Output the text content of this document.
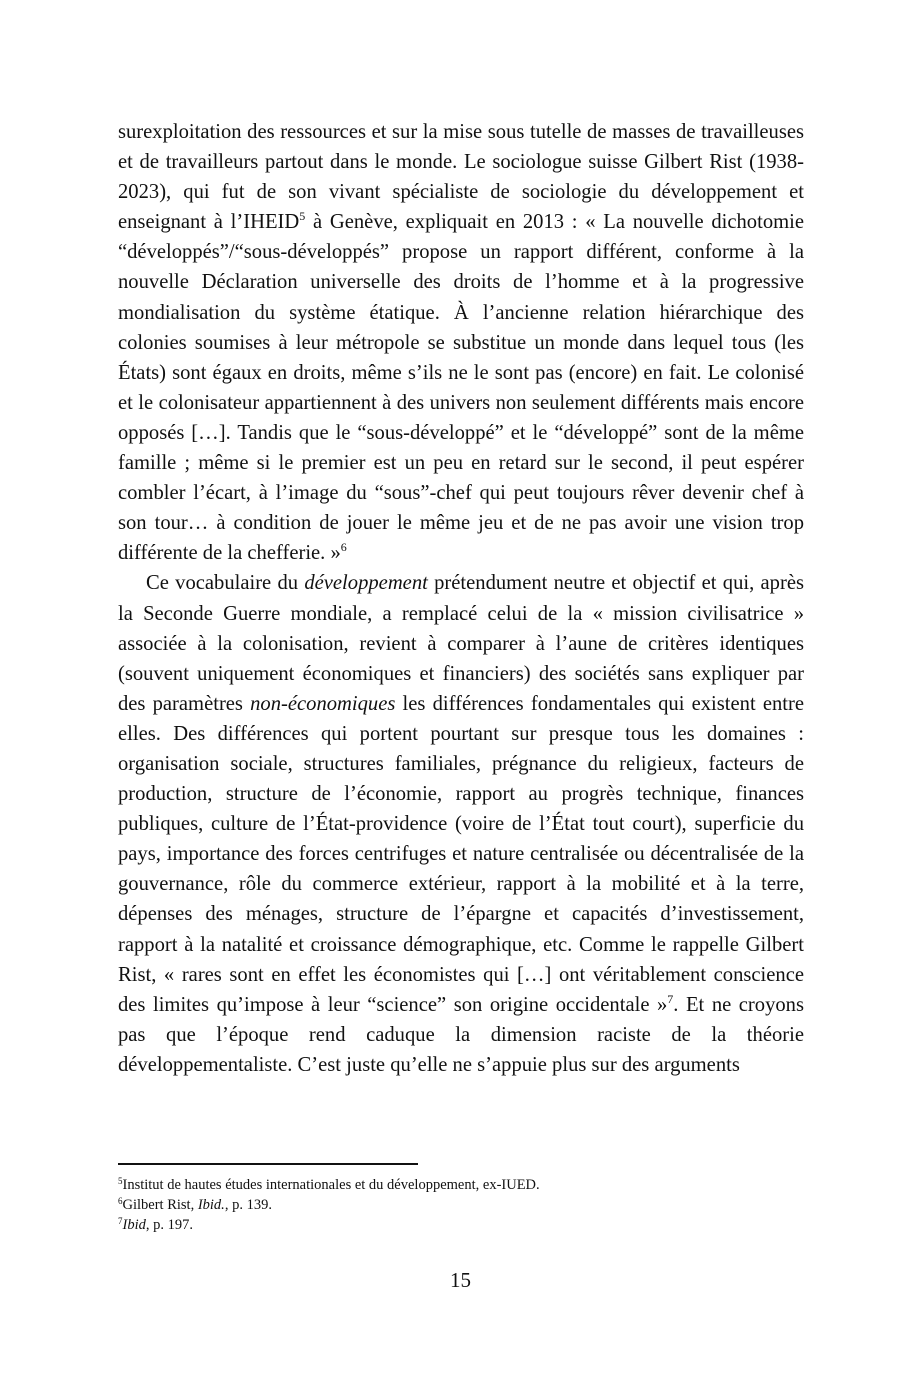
surexploitation des ressources et sur la mise sous tutelle de masses de travailleuses et de travailleurs partout dans le monde. Le sociologue suisse Gilbert Rist (1938-2023), qui fut de son vivant spécialiste de sociologie du développement et enseignant à l’IHEID$^5$ à Genève, expliquait en 2013 : « La nouvelle dichotomie “développés”/“sous-développés” propose un rapport différent, conforme à la nouvelle Déclaration universelle des droits de l’homme et à la progressive mondialisation du système étatique. À l’ancienne relation hiérarchique des colonies soumises à leur métropole se substitue un monde dans lequel tous (les États) sont égaux en droits, même s’ils ne le sont pas (encore) en fait. Le colonisé et le colonisateur appartiennent à des univers non seulement différents mais encore opposés […]. Tandis que le “sous-développé” et le “développé” sont de la même famille ; même si le premier est un peu en retard sur le second, il peut espérer combler l’écart, à l’image du “sous”-chef qui peut toujours rêver devenir chef à son tour… à condition de jouer le même jeu et de ne pas avoir une vision trop différente de la chefferie. »$^6$

Ce vocabulaire du développement prétendument neutre et objectif et qui, après la Seconde Guerre mondiale, a remplacé celui de la « mission civilisatrice » associée à la colonisation, revient à comparer à l’aune de critères identiques (souvent uniquement économiques et financiers) des sociétés sans expliquer par des paramètres non-économiques les différences fondamentales qui existent entre elles. Des différences qui portent pourtant sur presque tous les domaines : organisation sociale, structures familiales, prégnance du religieux, facteurs de production, structure de l’économie, rapport au progrès technique, finances publiques, culture de l’État-providence (voire de l’État tout court), superficie du pays, importance des forces centrifuges et nature centralisée ou décentralisée de la gouvernance, rôle du commerce extérieur, rapport à la mobilité et à la terre, dépenses des ménages, structure de l’épargne et capacités d’investissement, rapport à la natalité et croissance démographique, etc. Comme le rappelle Gilbert Rist, « rares sont en effet les économistes qui […] ont véritablement conscience des limites qu’impose à leur “science” son origine occidentale »$^7$. Et ne croyons pas que l’époque rend caduque la dimension raciste de la théorie développementaliste. C’est juste qu’elle ne s’appuie plus sur des arguments

$^5$Institut de hautes études internationales et du développement, ex-IUED.

$^6$Gilbert Rist, Ibid., p. 139.

$^7$Ibid, p. 197.

15
